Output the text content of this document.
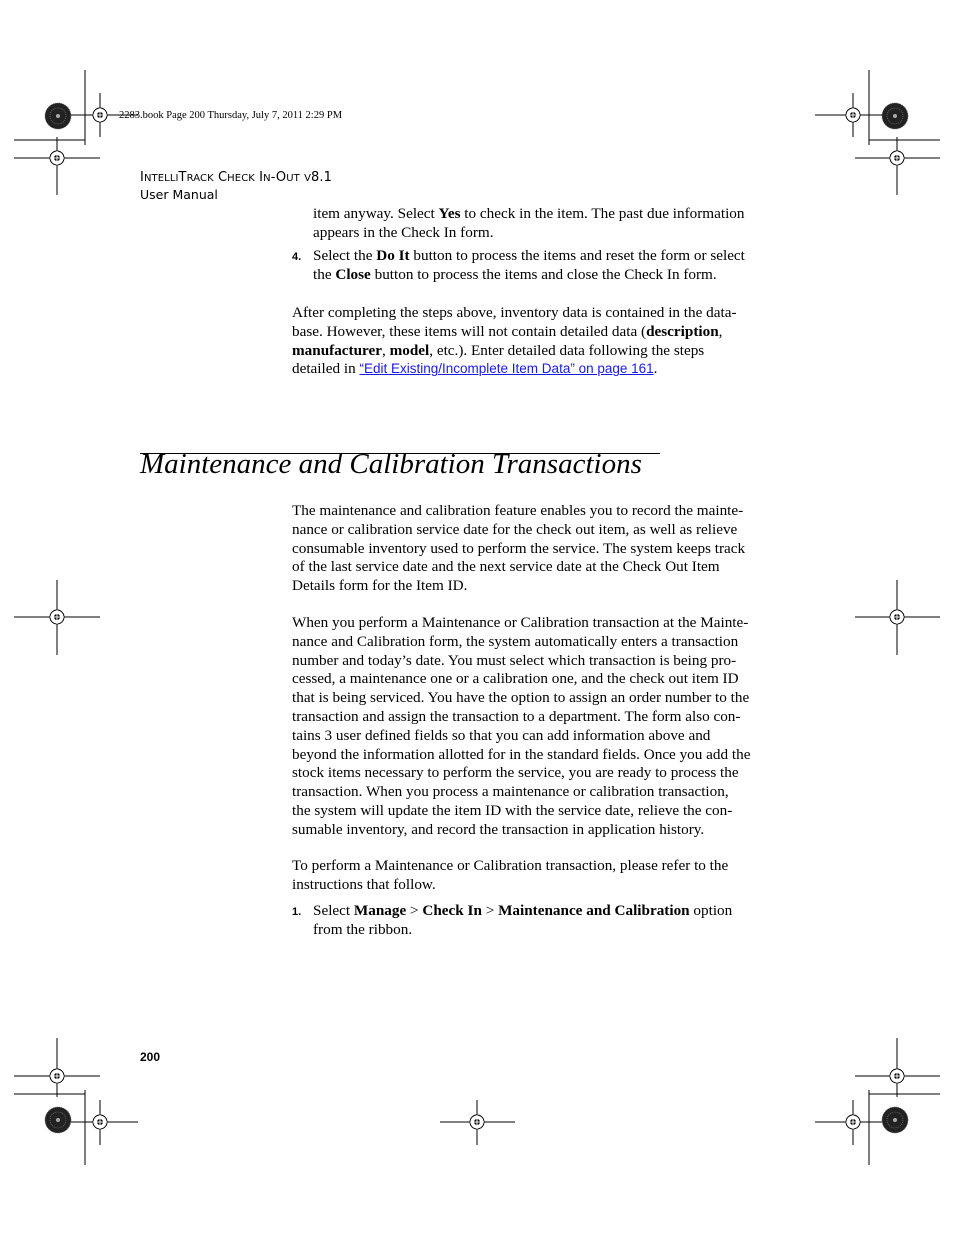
2283.book Page 200 Thursday, July 7, 2011 2:29 PM
INTELLITRACK CHECK IN-OUT V8.1
User Manual
item anyway. Select Yes to check in the item. The past due information
appears in the Check In form.
4. Select the Do It button to process the items and reset the form or select
the Close button to process the items and close the Check In form.
After completing the steps above, inventory data is contained in the data-
base. However, these items will not contain detailed data (description,
manufacturer, model, etc.). Enter detailed data following the steps
detailed in “Edit Existing/Incomplete Item Data” on page 161.
Maintenance and Calibration Transactions
The maintenance and calibration feature enables you to record the mainte-
nance or calibration service date for the check out item, as well as relieve
consumable inventory used to perform the service. The system keeps track
of the last service date and the next service date at the Check Out Item
Details form for the Item ID.
When you perform a Maintenance or Calibration transaction at the Mainte-
nance and Calibration form, the system automatically enters a transaction
number and today’s date. You must select which transaction is being pro-
cessed, a maintenance one or a calibration one, and the check out item ID
that is being serviced. You have the option to assign an order number to the
transaction and assign the transaction to a department. The form also con-
tains 3 user defined fields so that you can add information above and
beyond the information allotted for in the standard fields. Once you add the
stock items necessary to perform the service, you are ready to process the
transaction. When you process a maintenance or calibration transaction,
the system will update the item ID with the service date, relieve the con-
sumable inventory, and record the transaction in application history.
To perform a Maintenance or Calibration transaction, please refer to the
instructions that follow.
1. Select Manage > Check In > Maintenance and Calibration option
from the ribbon.
200
